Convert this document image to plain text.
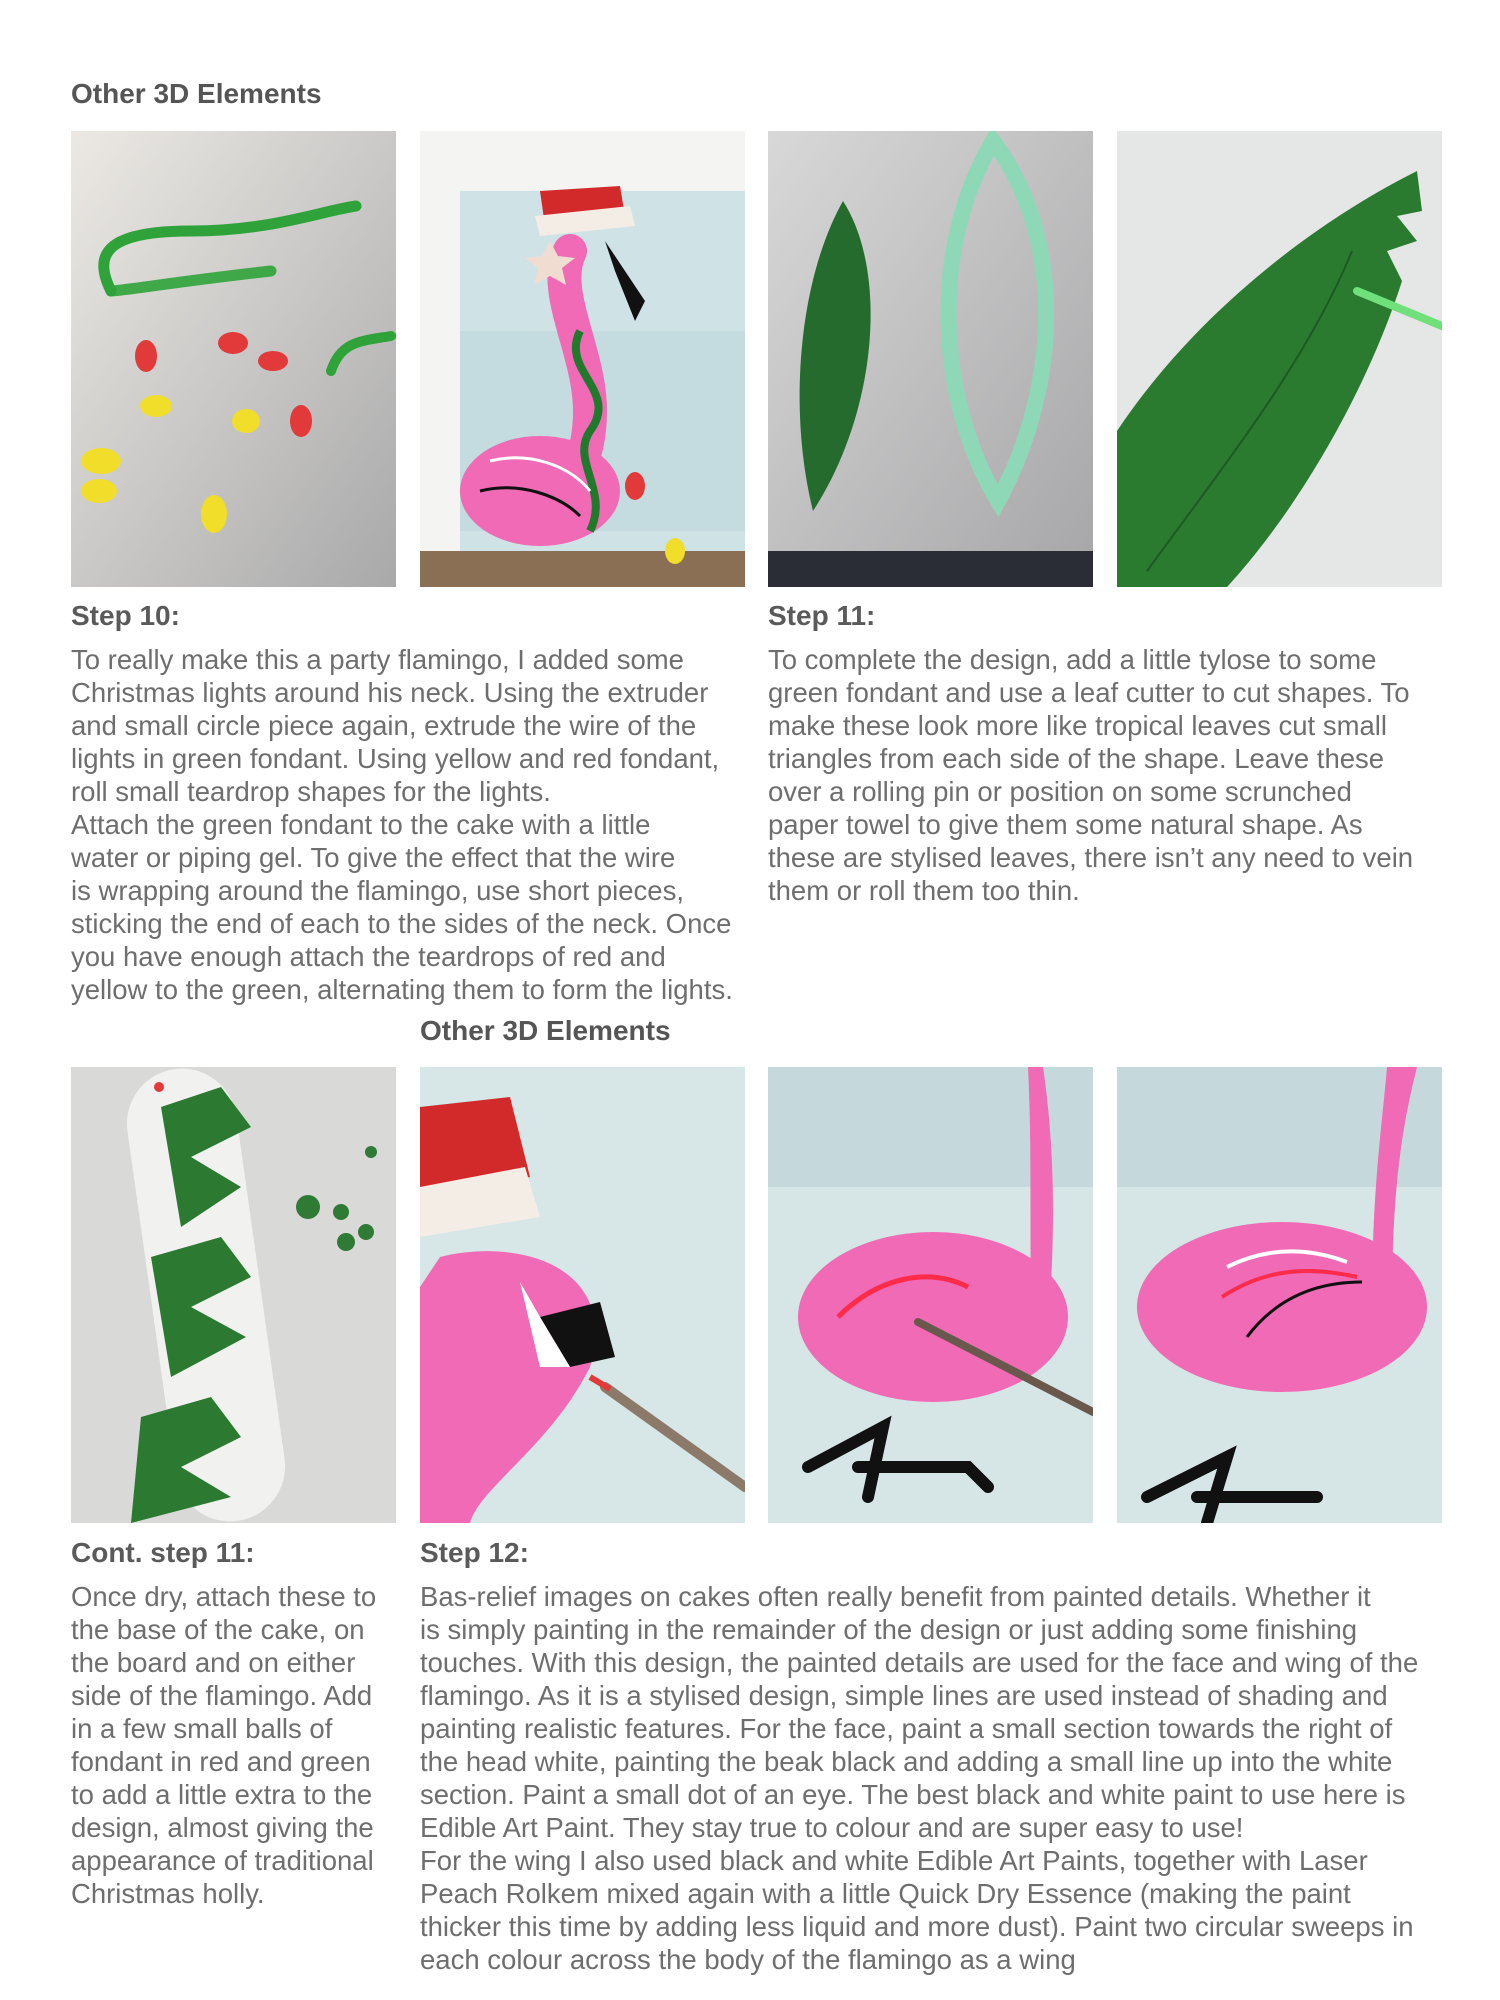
Other 3D Elements
Step 10:

To really make this a party flamingo, I added some
Christmas lights around his neck. Using the extruder
and small circle piece again, extrude the wire of the
lights in green fondant. Using yellow and red fondant,
roll small teardrop shapes for the lights.
Attach the green fondant to the cake with a little
water or piping gel. To give the effect that the wire
is wrapping around the flamingo, use short pieces,
sticking the end of each to the sides of the neck. Once
you have enough attach the teardrops of red and
yellow to the green, alternating them to form the lights.

Step 11:

To complete the design, add a little tylose to some
green fondant and use a leaf cutter to cut shapes. To
make these look more like tropical leaves cut small
triangles from each side of the shape. Leave these
over a rolling pin or position on some scrunched
paper towel to give them some natural shape. As
these are stylised leaves, there isn’t any need to vein
them or roll them too thin.

Other 3D Elements
Cont. step 11:

Once dry, attach these to
the base of the cake, on
the board and on either
side of the flamingo. Add
in a few small balls of
fondant in red and green
to add a little extra to the
design, almost giving the
appearance of traditional
Christmas holly.

Step 12:

Bas-relief images on cakes often really benefit from painted details. Whether it
is simply painting in the remainder of the design or just adding some finishing
touches. With this design, the painted details are used for the face and wing of the
flamingo. As it is a stylised design, simple lines are used instead of shading and
painting realistic features. For the face, paint a small section towards the right of
the head white, painting the beak black and adding a small line up into the white
section. Paint a small dot of an eye. The best black and white paint to use here is
Edible Art Paint. They stay true to colour and are super easy to use!
For the wing I also used black and white Edible Art Paints, together with Laser
Peach Rolkem mixed again with a little Quick Dry Essence (making the paint
thicker this time by adding less liquid and more dust). Paint two circular sweeps in
each colour across the body of the flamingo as a wing
